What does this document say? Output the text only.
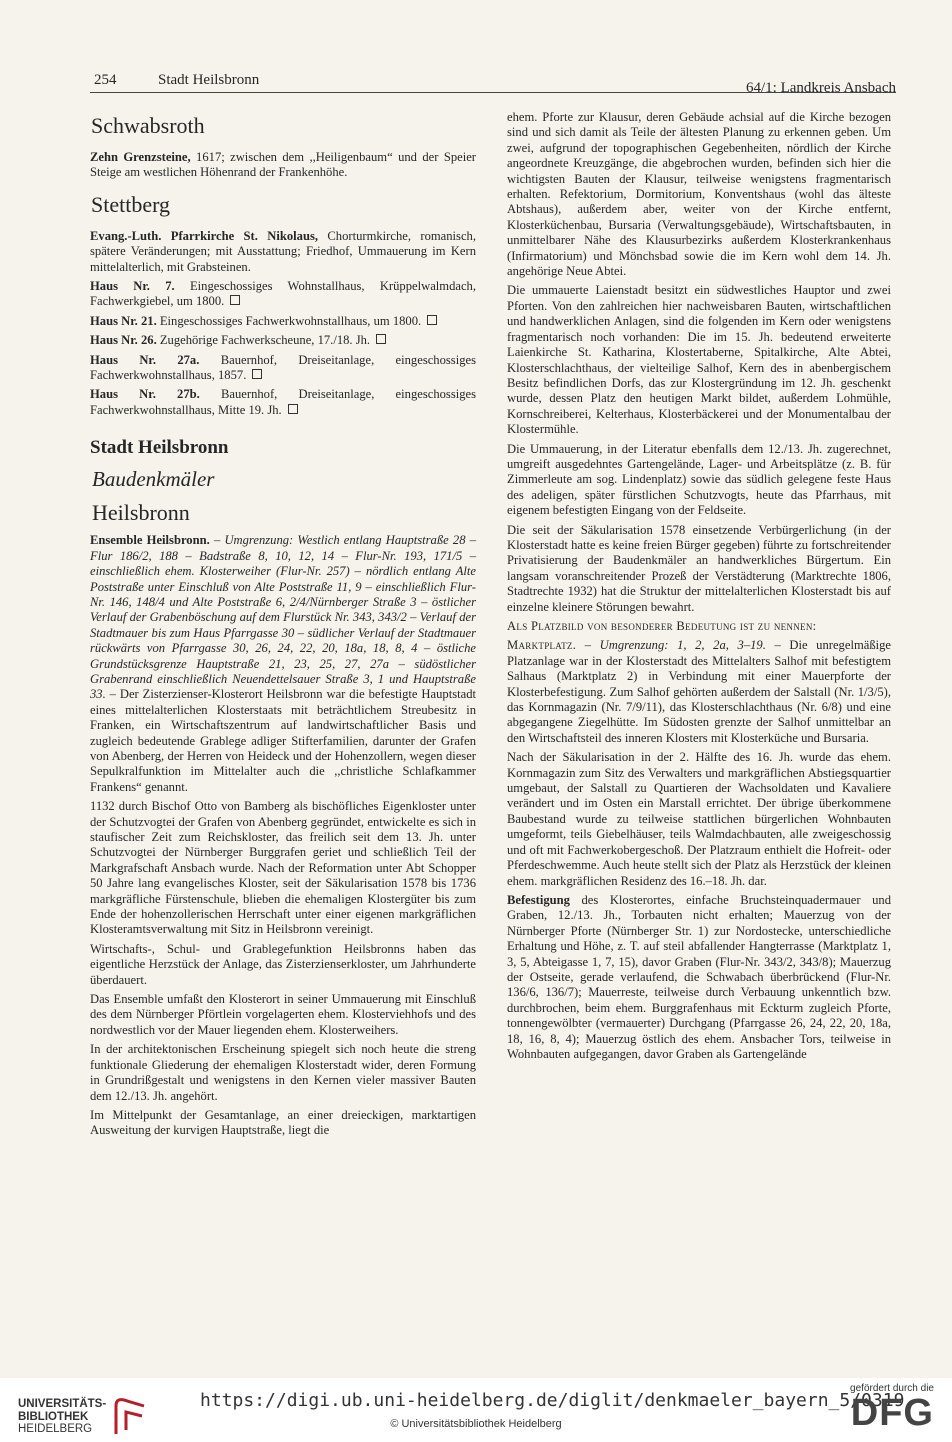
254	Stadt Heilsbronn	64/1: Landkreis Ansbach
Schwabsroth

Zehn Grenzsteine, 1617; zwischen dem ,,Heiligenbaum“ und der Speier Steige am westlichen Höhenrand der Frankenhöhe.

Stettberg

Evang.-Luth. Pfarrkirche St. Nikolaus, Chorturmkirche, romanisch, spätere Veränderungen; mit Ausstattung; Friedhof, Ummauerung im Kern mittelalterlich, mit Grabsteinen.

Haus Nr. 7. Eingeschossiges Wohnstallhaus, Krüppelwalmdach, Fachwerkgiebel, um 1800.

Haus Nr. 21. Eingeschossiges Fachwerkwohnstallhaus, um 1800.

Haus Nr. 26. Zugehörige Fachwerkscheune, 17./18. Jh.

Haus Nr. 27a. Bauernhof, Dreiseitanlage, eingeschossiges Fachwerkwohnstallhaus, 1857.

Haus Nr. 27b. Bauernhof, Dreiseitanlage, eingeschossiges Fachwerkwohnstallhaus, Mitte 19. Jh.

Stadt Heilsbronn
Baudenkmäler
Heilsbronn

Ensemble Heilsbronn. – Umgrenzung: Westlich entlang Hauptstraße 28 – Flur 186/2, 188 – Badstraße 8, 10, 12, 14 – Flur-Nr. 193, 171/5 – einschließlich ehem. Klosterweiher (Flur-Nr. 257) – nördlich entlang Alte Poststraße unter Einschluß von Alte Poststraße 11, 9 – einschließlich Flur-Nr. 146, 148/4 und Alte Poststraße 6, 2/4/Nürnberger Straße 3 – östlicher Verlauf der Grabenböschung auf dem Flurstück Nr. 343, 343/2 – Verlauf der Stadtmauer bis zum Haus Pfarrgasse 30 – südlicher Verlauf der Stadtmauer rückwärts von Pfarrgasse 30, 26, 24, 22, 20, 18a, 18, 8, 4 – östliche Grundstücksgrenze Hauptstraße 21, 23, 25, 27, 27a – südöstlicher Grabenrand einschließlich Neuendettelsauer Straße 3, 1 und Hauptstraße 33. – Der Zisterzienser-Klosterort Heilsbronn war die befestigte Hauptstadt eines mittelalterlichen Klosterstaats mit beträchtlichem Streubesitz in Franken, ein Wirtschaftszentrum auf landwirtschaftlicher Basis und zugleich bedeutende Grablege adliger Stifterfamilien, darunter der Grafen von Abenberg, der Herren von Heideck und der Hohenzollern, wegen dieser Sepulkralfunktion im Mittelalter auch die ,,christliche Schlafkammer Frankens“ genannt.

1132 durch Bischof Otto von Bamberg als bischöfliches Eigenkloster unter der Schutzvogtei der Grafen von Abenberg gegründet, entwickelte es sich in staufischer Zeit zum Reichskloster, das freilich seit dem 13. Jh. unter Schutzvogtei der Nürnberger Burggrafen geriet und schließlich Teil der Markgrafschaft Ansbach wurde. Nach der Reformation unter Abt Schopper 50 Jahre lang evangelisches Kloster, seit der Säkularisation 1578 bis 1736 markgräfliche Fürstenschule, blieben die ehemaligen Klostergüter bis zum Ende der hohenzollerischen Herrschaft unter einer eigenen markgräflichen Klosteramtsverwaltung mit Sitz in Heilsbronn vereinigt.

Wirtschafts-, Schul- und Grablegefunktion Heilsbronns haben das eigentliche Herzstück der Anlage, das Zisterzienserkloster, um Jahrhunderte überdauert.

Das Ensemble umfaßt den Klosterort in seiner Ummauerung mit Einschluß des dem Nürnberger Pförtlein vorgelagerten ehem. Klosterviehhofs und des nordwestlich vor der Mauer liegenden ehem. Klosterweihers.

In der architektonischen Erscheinung spiegelt sich noch heute die streng funktionale Gliederung der ehemaligen Klosterstadt wider, deren Formung in Grundrißgestalt und wenigstens in den Kernen vieler massiver Bauten dem 12./13. Jh. angehört.

Im Mittelpunkt der Gesamtanlage, an einer dreieckigen, marktartigen Ausweitung der kurvigen Hauptstraße, liegt die

ehem. Pforte zur Klausur, deren Gebäude achsial auf die Kirche bezogen sind und sich damit als Teile der ältesten Planung zu erkennen geben. Um zwei, aufgrund der topographischen Gegebenheiten, nördlich der Kirche angeordnete Kreuzgänge, die abgebrochen wurden, befinden sich hier die wichtigsten Bauten der Klausur, teilweise wenigstens fragmentarisch erhalten. Refektorium, Dormitorium, Konventshaus (wohl das älteste Abtshaus), außerdem aber, weiter von der Kirche entfernt, Klosterküchenbau, Bursaria (Verwaltungsgebäude), Wirtschaftsbauten, in unmittelbarer Nähe des Klausurbezirks außerdem Klosterkrankenhaus (Infirmatorium) und Mönchsbad sowie die im Kern wohl dem 14. Jh. angehörige Neue Abtei.

Die ummauerte Laienstadt besitzt ein südwestliches Hauptor und zwei Pforten. Von den zahlreichen hier nachweisbaren Bauten, wirtschaftlichen und handwerklichen Anlagen, sind die folgenden im Kern oder wenigstens fragmentarisch noch vorhanden: Die im 15. Jh. bedeutend erweiterte Laienkirche St. Katharina, Klostertaberne, Spitalkirche, Alte Abtei, Klosterschlachthaus, der vielteilige Salhof, Kern des in abenbergischem Besitz befindlichen Dorfs, das zur Klostergründung im 12. Jh. geschenkt wurde, dessen Platz den heutigen Markt bildet, außerdem Lohmühle, Kornschreiberei, Kelterhaus, Klosterbäckerei und der Monumentalbau der Klostermühle.

Die Ummauerung, in der Literatur ebenfalls dem 12./13. Jh. zugerechnet, umgreift ausgedehntes Gartengelände, Lager- und Arbeitsplätze (z. B. für Zimmerleute am sog. Lindenplatz) sowie das südlich gelegene feste Haus des adeligen, später fürstlichen Schutzvogts, heute das Pfarrhaus, mit eigenem befestigten Eingang von der Feldseite.

Die seit der Säkularisation 1578 einsetzende Verbürgerlichung (in der Klosterstadt hatte es keine freien Bürger gegeben) führte zu fortschreitender Privatisierung der Baudenkmäler an handwerkliches Bürgertum. Ein langsam voranschreitender Prozeß der Verstädterung (Marktrechte 1806, Stadtrechte 1932) hat die Struktur der mittelalterlichen Klosterstadt bis auf einzelne kleinere Störungen bewahrt.

Als Platzbild von besonderer Bedeutung ist zu nennen:

Marktplatz. – Umgrenzung: 1, 2, 2a, 3–19. – Die unregelmäßige Platzanlage war in der Klosterstadt des Mittelalters Salhof mit befestigtem Salhaus (Marktplatz 2) in Verbindung mit einer Mauerpforte der Klosterbefestigung. Zum Salhof gehörten außerdem der Salstall (Nr. 1/3/5), das Kornmagazin (Nr. 7/9/11), das Klosterschlachthaus (Nr. 6/8) und eine abgegangene Ziegelhütte. Im Südosten grenzte der Salhof unmittelbar an den Wirtschaftsteil des inneren Klosters mit Klosterküche und Bursaria.

Nach der Säkularisation in der 2. Hälfte des 16. Jh. wurde das ehem. Kornmagazin zum Sitz des Verwalters und markgräflichen Abstiegsquartier umgebaut, der Salstall zu Quartieren der Wachsoldaten und Kavaliere verändert und im Osten ein Marstall errichtet. Der übrige überkommene Baubestand wurde zu teilweise stattlichen bürgerlichen Wohnbauten umgeformt, teils Giebelhäuser, teils Walmdachbauten, alle zweigeschossig und oft mit Fachwerkobergeschoß. Der Platzraum enthielt die Hofreit- oder Pferdeschwemme. Auch heute stellt sich der Platz als Herzstück der kleinen ehem. markgräflichen Residenz des 16.–18. Jh. dar.

Befestigung des Klosterortes, einfache Bruchsteinquadermauer und Graben, 12./13. Jh., Torbauten nicht erhalten; Mauerzug von der Nürnberger Pforte (Nürnberger Str. 1) zur Nordostecke, unterschiedliche Erhaltung und Höhe, z. T. auf steil abfallender Hangterrasse (Marktplatz 1, 3, 5, Abteigasse 1, 7, 15), davor Graben (Flur-Nr. 343/2, 343/8); Mauerzug der Ostseite, gerade verlaufend, die Schwabach überbrückend (Flur-Nr. 136/6, 136/7); Mauerreste, teilweise durch Verbauung unkenntlich bzw. durchbrochen, beim ehem. Burggrafenhaus mit Eckturm zugleich Pforte, tonnengewölbter (vermauerter) Durchgang (Pfarrgasse 26, 24, 22, 20, 18a, 18, 16, 8, 4); Mauerzug östlich des ehem. Ansbacher Tors, teilweise in Wohnbauten aufgegangen, davor Graben als Gartengelände

UNIVERSITÄTS-
BIBLIOTHEK
HEIDELBERG
https://digi.ub.uni-heidelberg.de/diglit/denkmaeler_bayern_5/0319
© Universitätsbibliothek Heidelberg
gefördert durch die
DFG
